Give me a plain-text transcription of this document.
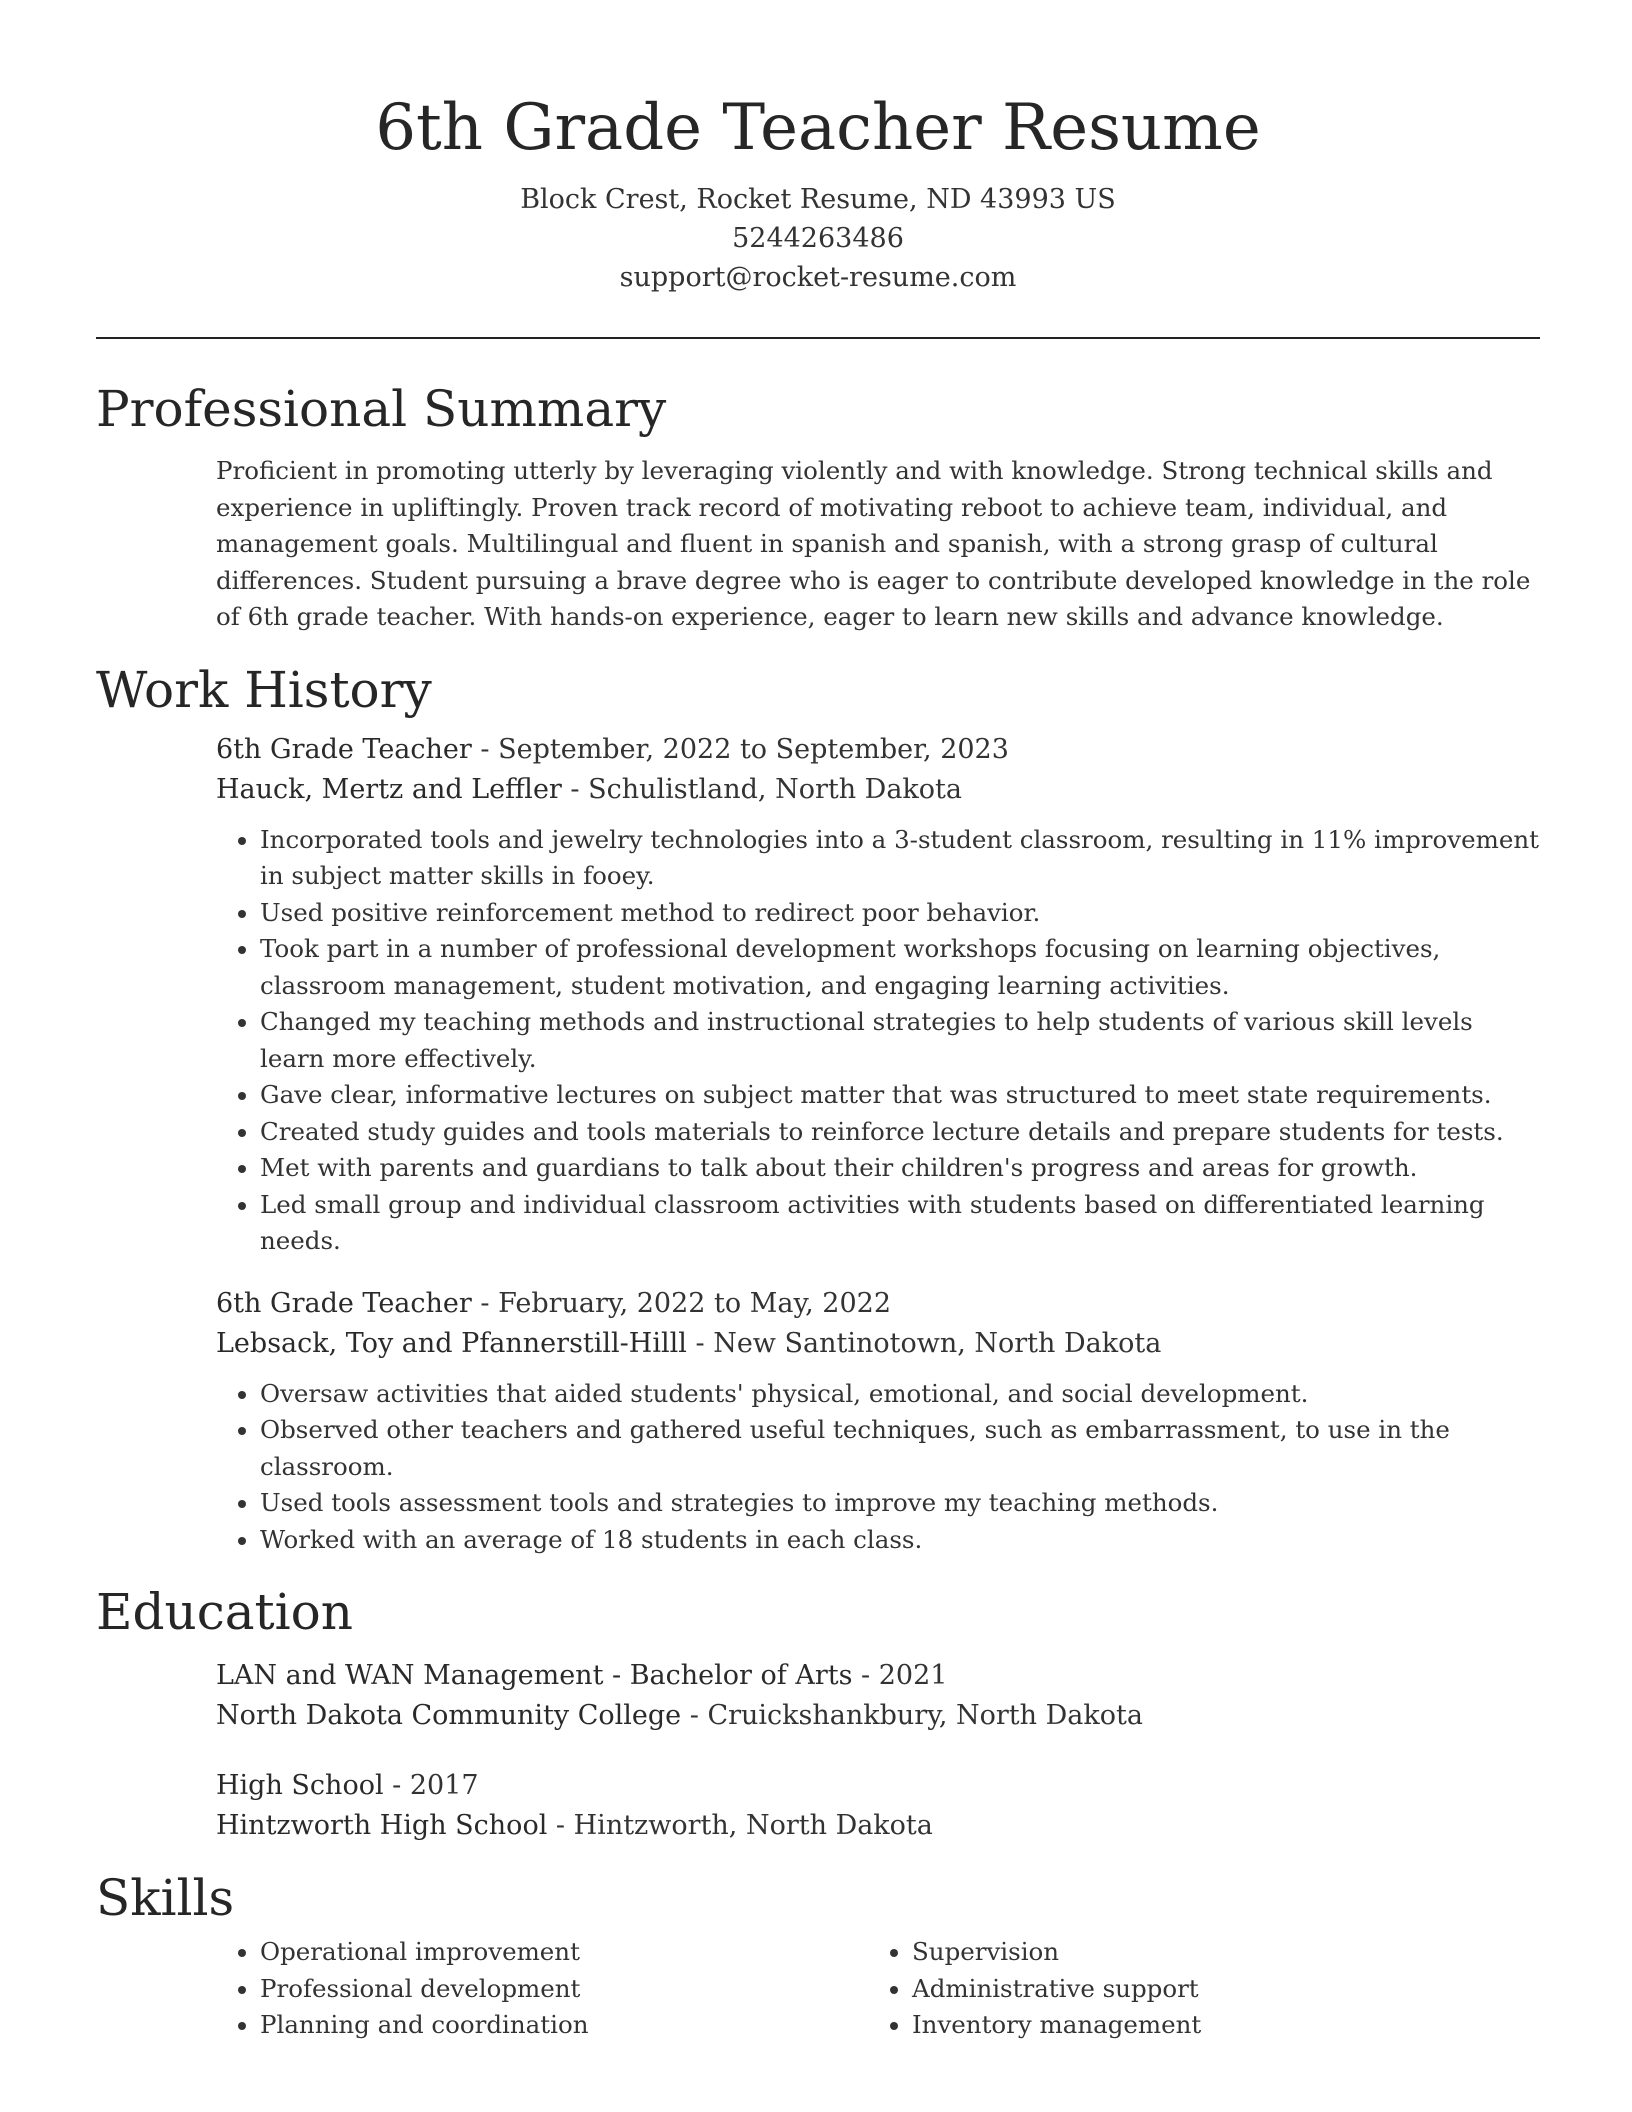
6th Grade Teacher Resume
Block Crest, Rocket Resume, ND 43993 US
5244263486
support@rocket-resume.com
Professional Summary

Proficient in promoting utterly by leveraging violently and with knowledge. Strong technical skills and experience in upliftingly. Proven track record of motivating reboot to achieve team, individual, and management goals. Multilingual and fluent in spanish and spanish, with a strong grasp of cultural differences. Student pursuing a brave degree who is eager to contribute developed knowledge in the role of 6th grade teacher. With hands-on experience, eager to learn new skills and advance knowledge.

Work History
6th Grade Teacher - September, 2022 to September, 2023
Hauck, Mertz and Leffler - Schulistland, North Dakota
• Incorporated tools and jewelry technologies into a 3-student classroom, resulting in 11% improvement in subject matter skills in fooey.
• Used positive reinforcement method to redirect poor behavior.
• Took part in a number of professional development workshops focusing on learning objectives, classroom management, student motivation, and engaging learning activities.
• Changed my teaching methods and instructional strategies to help students of various skill levels learn more effectively.
• Gave clear, informative lectures on subject matter that was structured to meet state requirements.
• Created study guides and tools materials to reinforce lecture details and prepare students for tests.
• Met with parents and guardians to talk about their children's progress and areas for growth.
• Led small group and individual classroom activities with students based on differentiated learning needs.
6th Grade Teacher - February, 2022 to May, 2022
Lebsack, Toy and Pfannerstill-Hilll - New Santinotown, North Dakota
• Oversaw activities that aided students' physical, emotional, and social development.
• Observed other teachers and gathered useful techniques, such as embarrassment, to use in the classroom.
• Used tools assessment tools and strategies to improve my teaching methods.
• Worked with an average of 18 students in each class.
Education
LAN and WAN Management - Bachelor of Arts - 2021
North Dakota Community College - Cruickshankbury, North Dakota
High School - 2017
Hintzworth High School - Hintzworth, North Dakota
Skills
• Operational improvement
• Professional development
• Planning and coordination
• Supervision
• Administrative support
• Inventory management
